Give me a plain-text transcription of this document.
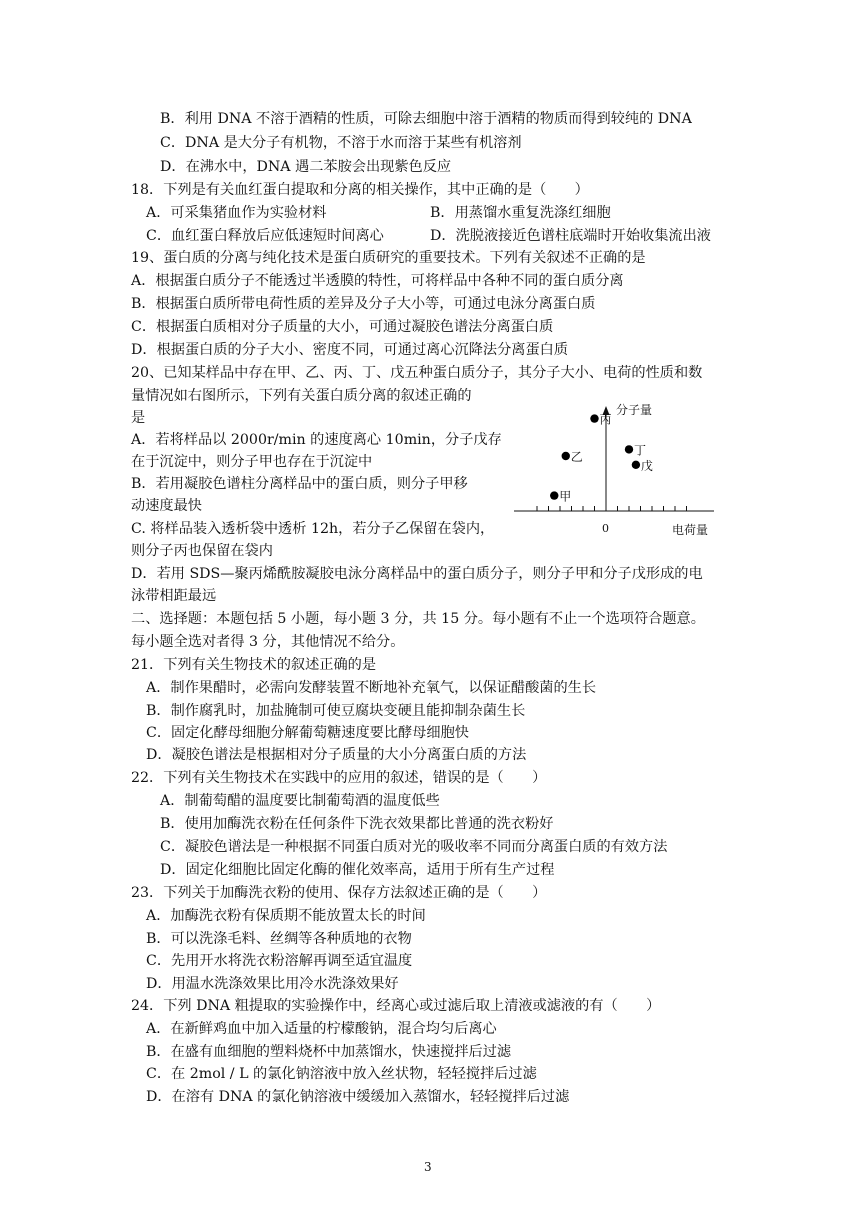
B．利用 DNA 不溶于酒精的性质，可除去细胞中溶于酒精的物质而得到较纯的 DNA
C．DNA 是大分子有机物，不溶于水而溶于某些有机溶剂
D．在沸水中，DNA 遇二苯胺会出现紫色反应
18．下列是有关血红蛋白提取和分离的相关操作，其中正确的是（　　）
A．可采集猪血作为实验材料	B．用蒸馏水重复洗涤红细胞
C．血红蛋白释放后应低速短时间离心	D．洗脱液接近色谱柱底端时开始收集流出液
19、蛋白质的分离与纯化技术是蛋白质研究的重要技术。下列有关叙述不正确的是
A．根据蛋白质分子不能透过半透膜的特性，可将样品中各种不同的蛋白质分离
B．根据蛋白质所带电荷性质的差异及分子大小等，可通过电泳分离蛋白质
C．根据蛋白质相对分子质量的大小，可通过凝胶色谱法分离蛋白质
D．根据蛋白质的分子大小、密度不同，可通过离心沉降法分离蛋白质
20、已知某样品中存在甲、乙、丙、丁、戊五种蛋白质分子，其分子大小、电荷的性质和数
量情况如右图所示，下列有关蛋白质分离的叙述正确的
是
A．若将样品以 2000r/min 的速度离心 10min，分子戊存
在于沉淀中，则分子甲也存在于沉淀中
B．若用凝胶色谱柱分离样品中的蛋白质，则分子甲移
动速度最快
C. 将样品装入透析袋中透析 12h，若分子乙保留在袋内，
则分子丙也保留在袋内
D．若用 SDS—聚丙烯酰胺凝胶电泳分离样品中的蛋白质分子，则分子甲和分子戊形成的电
泳带相距最远
分子量
电荷量
0
丙
乙	丁
戊
甲
二、选择题：本题包括 5 小题，每小题 3 分，共 15 分。每小题有不止一个选项符合题意。
每小题全选对者得 3 分，其他情况不给分。
21．下列有关生物技术的叙述正确的是
A．制作果醋时，必需向发酵装置不断地补充氧气，以保证醋酸菌的生长
B．制作腐乳时，加盐腌制可使豆腐块变硬且能抑制杂菌生长
C．固定化酵母细胞分解葡萄糖速度要比酵母细胞快
D．凝胶色谱法是根据相对分子质量的大小分离蛋白质的方法
22．下列有关生物技术在实践中的应用的叙述，错误的是（　　）
A．制葡萄醋的温度要比制葡萄酒的温度低些
B．使用加酶洗衣粉在任何条件下洗衣效果都比普通的洗衣粉好
C．凝胶色谱法是一种根据不同蛋白质对光的吸收率不同而分离蛋白质的有效方法
D．固定化细胞比固定化酶的催化效率高，适用于所有生产过程
23．下列关于加酶洗衣粉的使用、保存方法叙述正确的是（　　）
A．加酶洗衣粉有保质期不能放置太长的时间
B．可以洗涤毛料、丝绸等各种质地的衣物
C．先用开水将洗衣粉溶解再调至适宜温度
D．用温水洗涤效果比用冷水洗涤效果好
24．下列 DNA 粗提取的实验操作中，经离心或过滤后取上清液或滤液的有（　　）
A．在新鲜鸡血中加入适量的柠檬酸钠，混合均匀后离心
B．在盛有血细胞的塑料烧杯中加蒸馏水，快速搅拌后过滤
C．在 2mol / L 的氯化钠溶液中放入丝状物，轻轻搅拌后过滤
D．在溶有 DNA 的氯化钠溶液中缓缓加入蒸馏水，轻轻搅拌后过滤
3
